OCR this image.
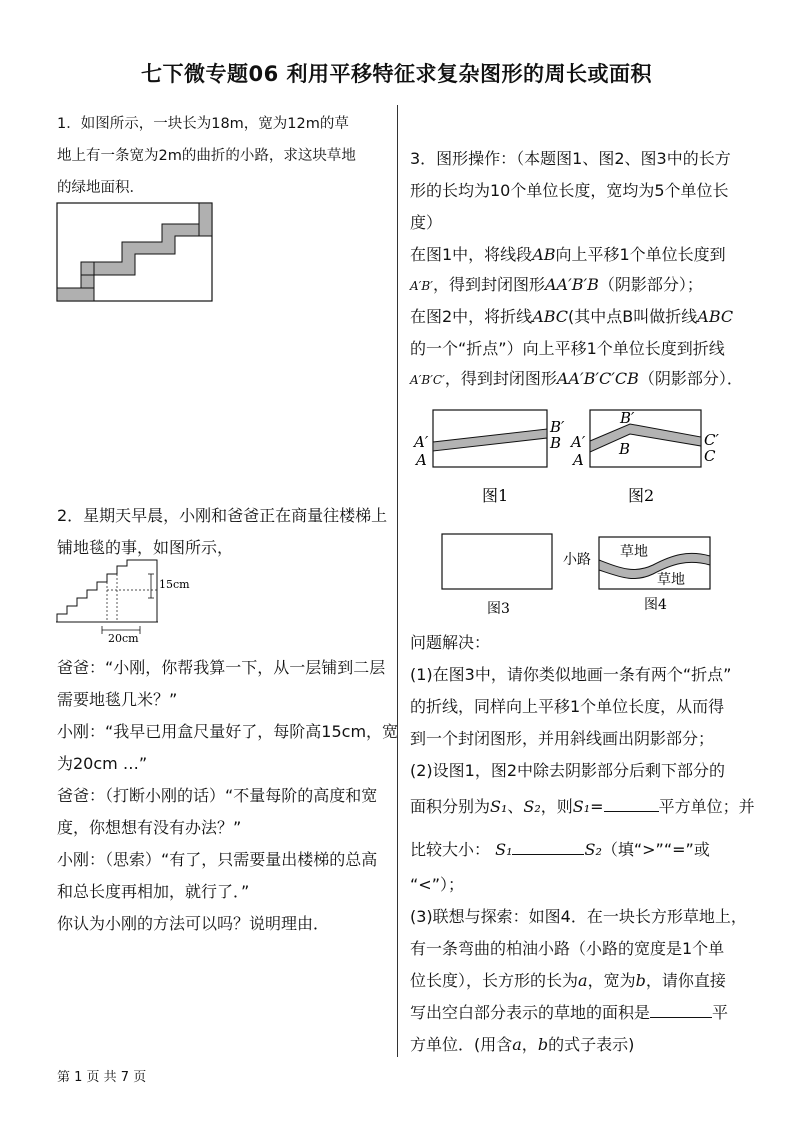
七下微专题06 利用平移特征求复杂图形的周长或面积
1．如图所示，一块长为18m，宽为12m的草
地上有一条宽为2m的曲折的小路，求这块草地
的绿地面积．
2．星期天早晨，小刚和爸爸正在商量往楼梯上
铺地毯的事，如图所示，
15cm
20cm
爸爸：“小刚，你帮我算一下，从一层铺到二层
需要地毯几米？”
小刚：“我早已用盒尺量好了，每阶高15cm，宽
为20cm …”
爸爸：（打断小刚的话）“不量每阶的高度和宽
度，你想想有没有办法？”
小刚：（思索）“有了，只需要量出楼梯的总高
和总长度再相加，就行了．”
你认为小刚的方法可以吗？说明理由．
3．图形操作：（本题图1、图2、图3中的长方
形的长均为10个单位长度，宽均为5个单位长
度）
在图1中，将线段AB向上平移1个单位长度到
A′B′，得到封闭图形AA′B′B（阴影部分）；
在图2中，将折线ABC(其中点B叫做折线ABC
的一个“折点”）向上平移1个单位长度到折线
A′B′C′，得到封闭图形AA′B′C′CB（阴影部分）．
A′
A
B′
B
图1
A′
A
B′
B	C′
C
图2
图3
小路 草地
草地
图4
问题解决：
(1)在图3中，请你类似地画一条有两个“折点”
的折线，同样向上平移1个单位长度，从而得
到一个封闭图形，并用斜线画出阴影部分；
(2)设图1，图2中除去阴影部分后剩下部分的
面积分别为S₁、S₂，则S₁=	平方单位；并
比较大小： S₁	S₂（填“>”“=”或
“<”）；
(3)联想与探索：如图4．在一块长方形草地上，
有一条弯曲的柏油小路（小路的宽度是1个单
位长度），长方形的长为a，宽为b，请你直接
写出空白部分表示的草地的面积是	平
方单位．(用含a，b的式子表示)
第 1 页 共 7 页
